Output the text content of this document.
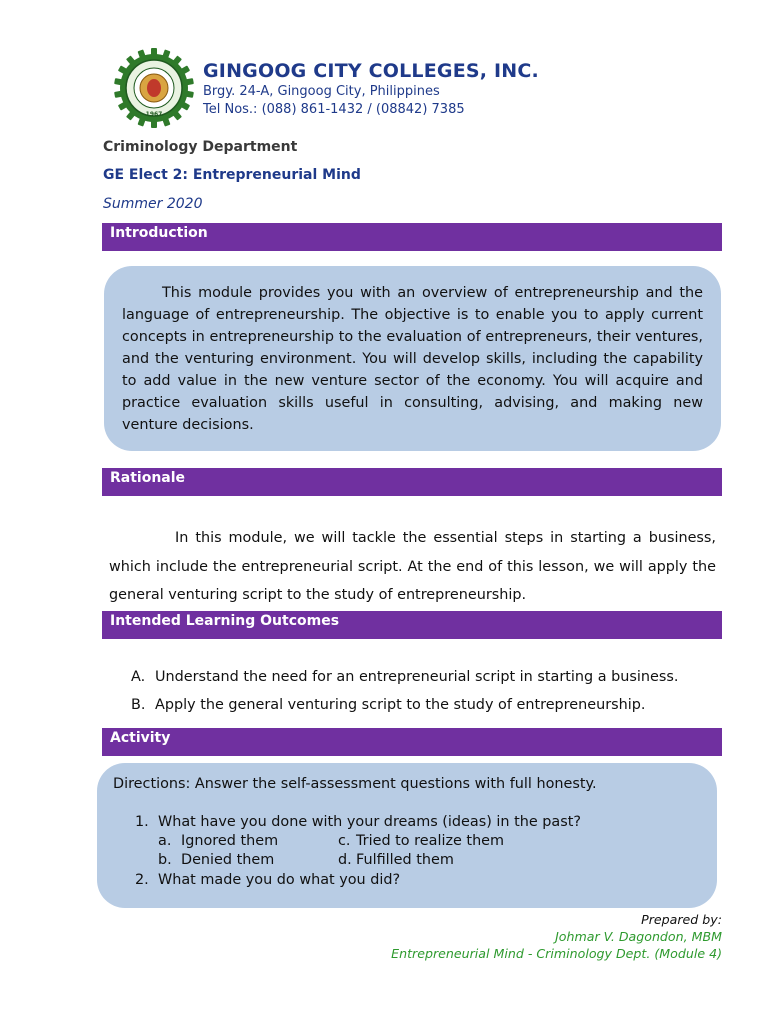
1967
GINGOOG CITY COLLEGES, INC.
Brgy. 24-A, Gingoog City, Philippines
Tel Nos.: (088) 861-1432 / (08842) 7385
Criminology Department
GE Elect 2: Entrepreneurial Mind
Summer 2020
Introduction

This module provides you with an overview of entrepreneurship and the language of entrepreneurship. The objective is to enable you to apply current concepts in entrepreneurship to the evaluation of entrepreneurs, their ventures, and the venturing environment. You will develop skills, including the capability to add value in the new venture sector of the economy. You will acquire and practice evaluation skills useful in consulting, advising, and making new venture decisions.

Rationale

In this module, we will tackle the essential steps in starting a business, which include the entrepreneurial script. At the end of this lesson, we will apply the general venturing script to the study of entrepreneurship.

Intended Learning Outcomes
A. Understand the need for an entrepreneurial script in starting a business.
B. Apply the general venturing script to the study of entrepreneurship.
Activity
Directions: Answer the self-assessment questions with full honesty.
1. What have you done with your dreams (ideas) in the past?
a. Ignored them	c. Tried to realize them
b. Denied them	d. Fulfilled them
2. What made you do what you did?
Prepared by:
Johmar V. Dagondon, MBM
Entrepreneurial Mind - Criminology Dept. (Module 4)
